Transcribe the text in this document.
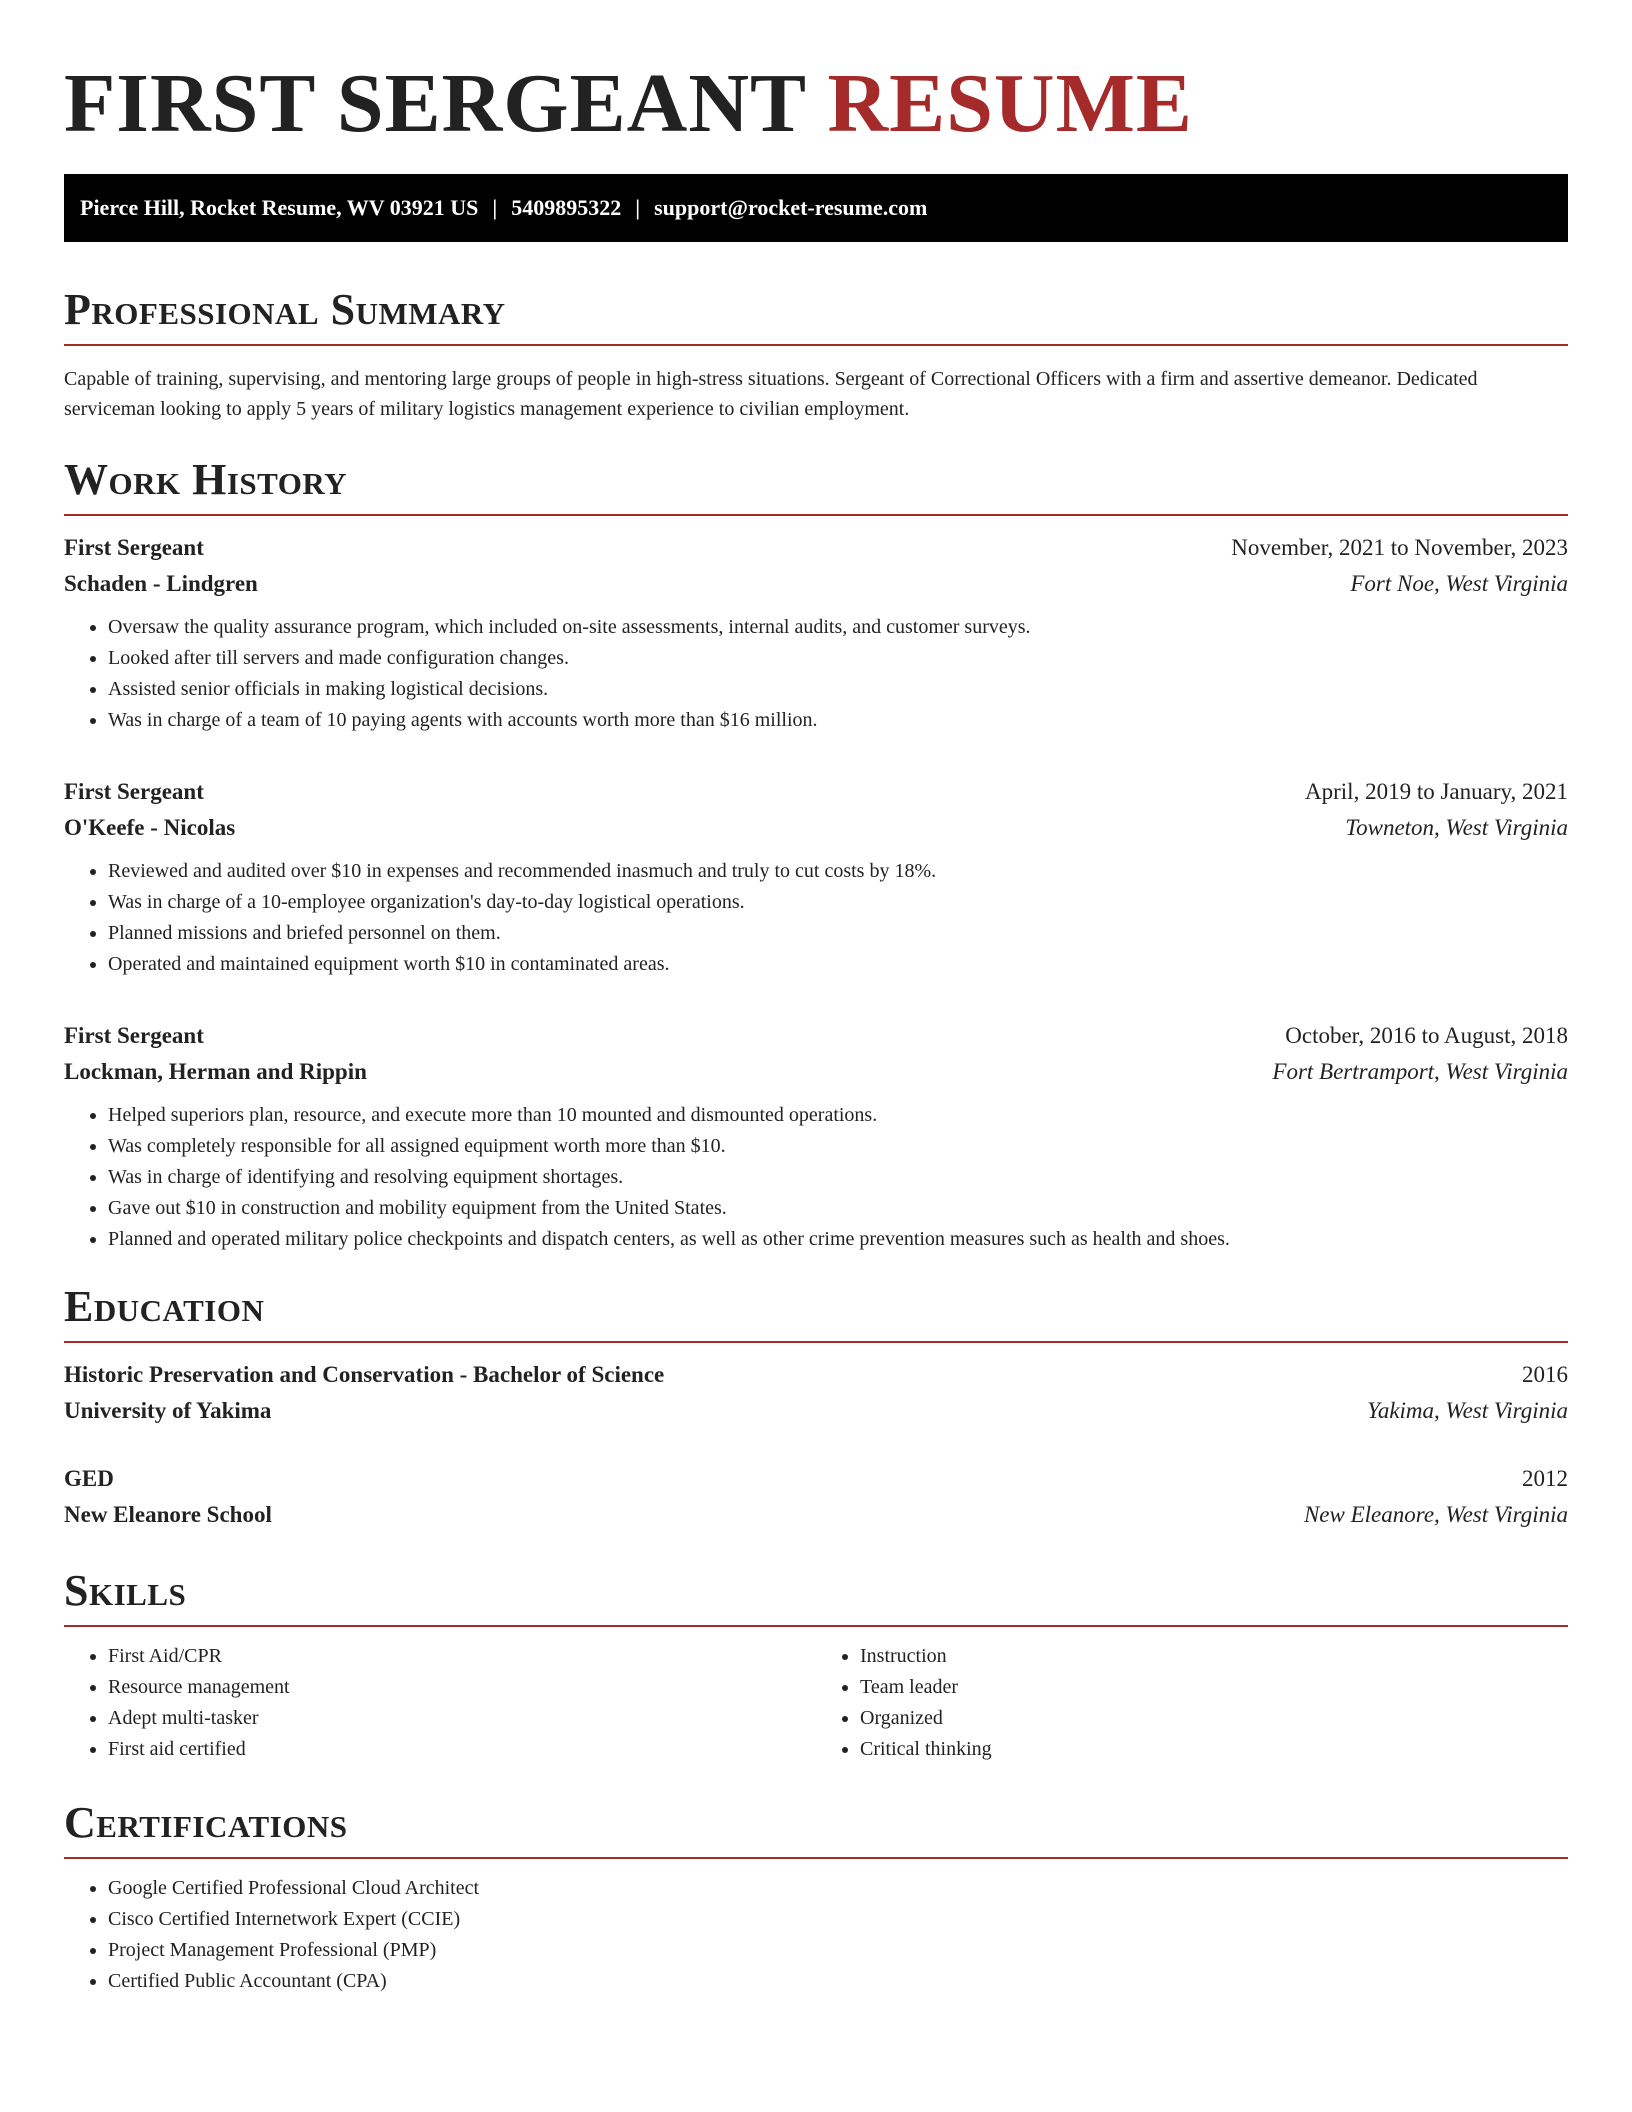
FIRST SERGEANT RESUME
Pierce Hill, Rocket Resume, WV 03921 US | 5409895322 | support@rocket-resume.com
Professional Summary

Capable of training, supervising, and mentoring large groups of people in high-stress situations. Sergeant of Correctional Officers with a firm and assertive demeanor. Dedicated serviceman looking to apply 5 years of military logistics management experience to civilian employment.

Work History
First Sergeant	November, 2021 to November, 2023
Schaden - Lindgren	Fort Noe, West Virginia
• Oversaw the quality assurance program, which included on-site assessments, internal audits, and customer surveys.
• Looked after till servers and made configuration changes.
• Assisted senior officials in making logistical decisions.
• Was in charge of a team of 10 paying agents with accounts worth more than $16 million.
First Sergeant	April, 2019 to January, 2021
O'Keefe - Nicolas	Towneton, West Virginia
• Reviewed and audited over $10 in expenses and recommended inasmuch and truly to cut costs by 18%.
• Was in charge of a 10-employee organization's day-to-day logistical operations.
• Planned missions and briefed personnel on them.
• Operated and maintained equipment worth $10 in contaminated areas.
First Sergeant	October, 2016 to August, 2018
Lockman, Herman and Rippin	Fort Bertramport, West Virginia
• Helped superiors plan, resource, and execute more than 10 mounted and dismounted operations.
• Was completely responsible for all assigned equipment worth more than $10.
• Was in charge of identifying and resolving equipment shortages.
• Gave out $10 in construction and mobility equipment from the United States.
• Planned and operated military police checkpoints and dispatch centers, as well as other crime prevention measures such as health and shoes.
Education
Historic Preservation and Conservation - Bachelor of Science	2016
University of Yakima	Yakima, West Virginia
GED	2012
New Eleanore School	New Eleanore, West Virginia
Skills
• First Aid/CPR
• Resource management
• Adept multi-tasker
• First aid certified
• Instruction
• Team leader
• Organized
• Critical thinking
Certifications
• Google Certified Professional Cloud Architect
• Cisco Certified Internetwork Expert (CCIE)
• Project Management Professional (PMP)
• Certified Public Accountant (CPA)
